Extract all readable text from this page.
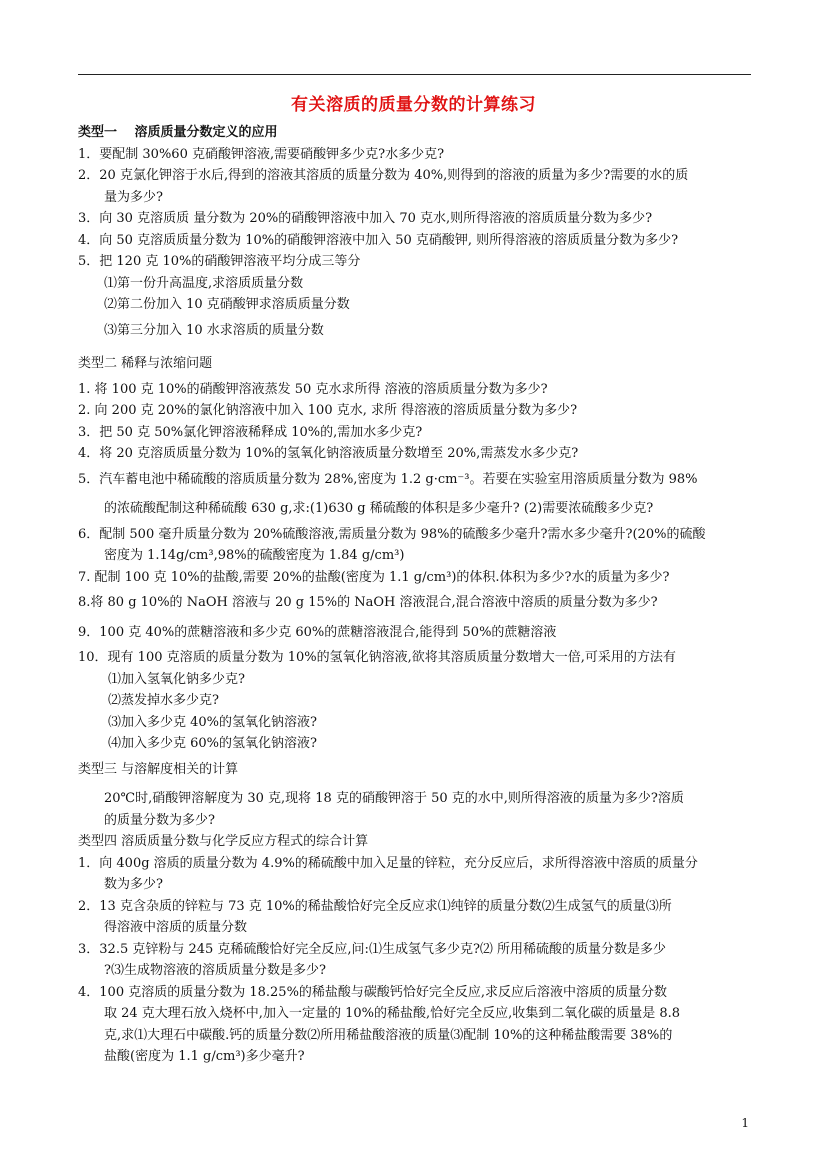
有关溶质的质量分数的计算练习
类型一　 溶质质量分数定义的应用
1．要配制 30%60 克硝酸钾溶液,需要硝酸钾多少克?水多少克?
2．20 克氯化钾溶于水后,得到的溶液其溶质的质量分数为 40%,则得到的溶液的质量为多少?需要的水的质
量为多少?
3．向 30 克溶质质 量分数为 20%的硝酸钾溶液中加入 70 克水,则所得溶液的溶质质量分数为多少?
4．向 50 克溶质质量分数为 10%的硝酸钾溶液中加入 50 克硝酸钾, 则所得溶液的溶质质量分数为多少?
5．把 120 克 10%的硝酸钾溶液平均分成三等分
⑴第一份升高温度,求溶质质量分数
⑵第二份加入 10 克硝酸钾求溶质质量分数
⑶第三分加入 10 水求溶质的质量分数
类型二 稀释与浓缩问题
1. 将 100 克 10%的硝酸钾溶液蒸发 50 克水求所得 溶液的溶质质量分数为多少?
2. 向 200 克 20%的氯化钠溶液中加入 100 克水, 求所 得溶液的溶质质量分数为多少?
3．把 50 克 50%氯化钾溶液稀释成 10%的,需加水多少克?
4．将 20 克溶质质量分数为 10%的氢氧化钠溶液质量分数增至 20%,需蒸发水多少克?
5．汽车蓄电池中稀硫酸的溶质质量分数为 28%,密度为 1.2 g·cm⁻³。若要在实验室用溶质质量分数为 98%
的浓硫酸配制这种稀硫酸 630 g,求:(1)630 g 稀硫酸的体积是多少毫升? (2)需要浓硫酸多少克?
6．配制 500 毫升质量分数为 20%硫酸溶液,需质量分数为 98%的硫酸多少毫升?需水多少毫升?(20%的硫酸
密度为 1.14g/cm³,98%的硫酸密度为 1.84 g/cm³)
7. 配制 100 克 10%的盐酸,需要 20%的盐酸(密度为 1.1 g/cm³)的体积.体积为多少?水的质量为多少?
8.将 80 g 10%的 NaOH 溶液与 20 g 15%的 NaOH 溶液混合,混合溶液中溶质的质量分数为多少?
9．100 克 40%的蔗糖溶液和多少克 60%的蔗糖溶液混合,能得到 50%的蔗糖溶液
10．现有 100 克溶质的质量分数为 10%的氢氧化钠溶液,欲将其溶质质量分数增大一倍,可采用的方法有
⑴加入氢氧化钠多少克?
⑵蒸发掉水多少克?
⑶加入多少克 40%的氢氧化钠溶液?
⑷加入多少克 60%的氢氧化钠溶液?
类型三 与溶解度相关的计算
20℃时,硝酸钾溶解度为 30 克,现将 18 克的硝酸钾溶于 50 克的水中,则所得溶液的质量为多少?溶质
的质量分数为多少?
类型四 溶质质量分数与化学反应方程式的综合计算
1．向 400g 溶质的质量分数为 4.9%的稀硫酸中加入足量的锌粒，充分反应后，求所得溶液中溶质的质量分
数为多少?
2．13 克含杂质的锌粒与 73 克 10%的稀盐酸恰好完全反应求⑴纯锌的质量分数⑵生成氢气的质量⑶所
得溶液中溶质的质量分数
3．32.5 克锌粉与 245 克稀硫酸恰好完全反应,问:⑴生成氢气多少克?⑵ 所用稀硫酸的质量分数是多少
?⑶生成物溶液的溶质质量分数是多少?
4．100 克溶质的质量分数为 18.25%的稀盐酸与碳酸钙恰好完全反应,求反应后溶液中溶质的质量分数
取 24 克大理石放入烧杯中,加入一定量的 10%的稀盐酸,恰好完全反应,收集到二氧化碳的质量是 8.8
克,求⑴大理石中碳酸.钙的质量分数⑵所用稀盐酸溶液的质量⑶配制 10%的这种稀盐酸需要 38%的
盐酸(密度为 1.1 g/cm³)多少毫升?
1
